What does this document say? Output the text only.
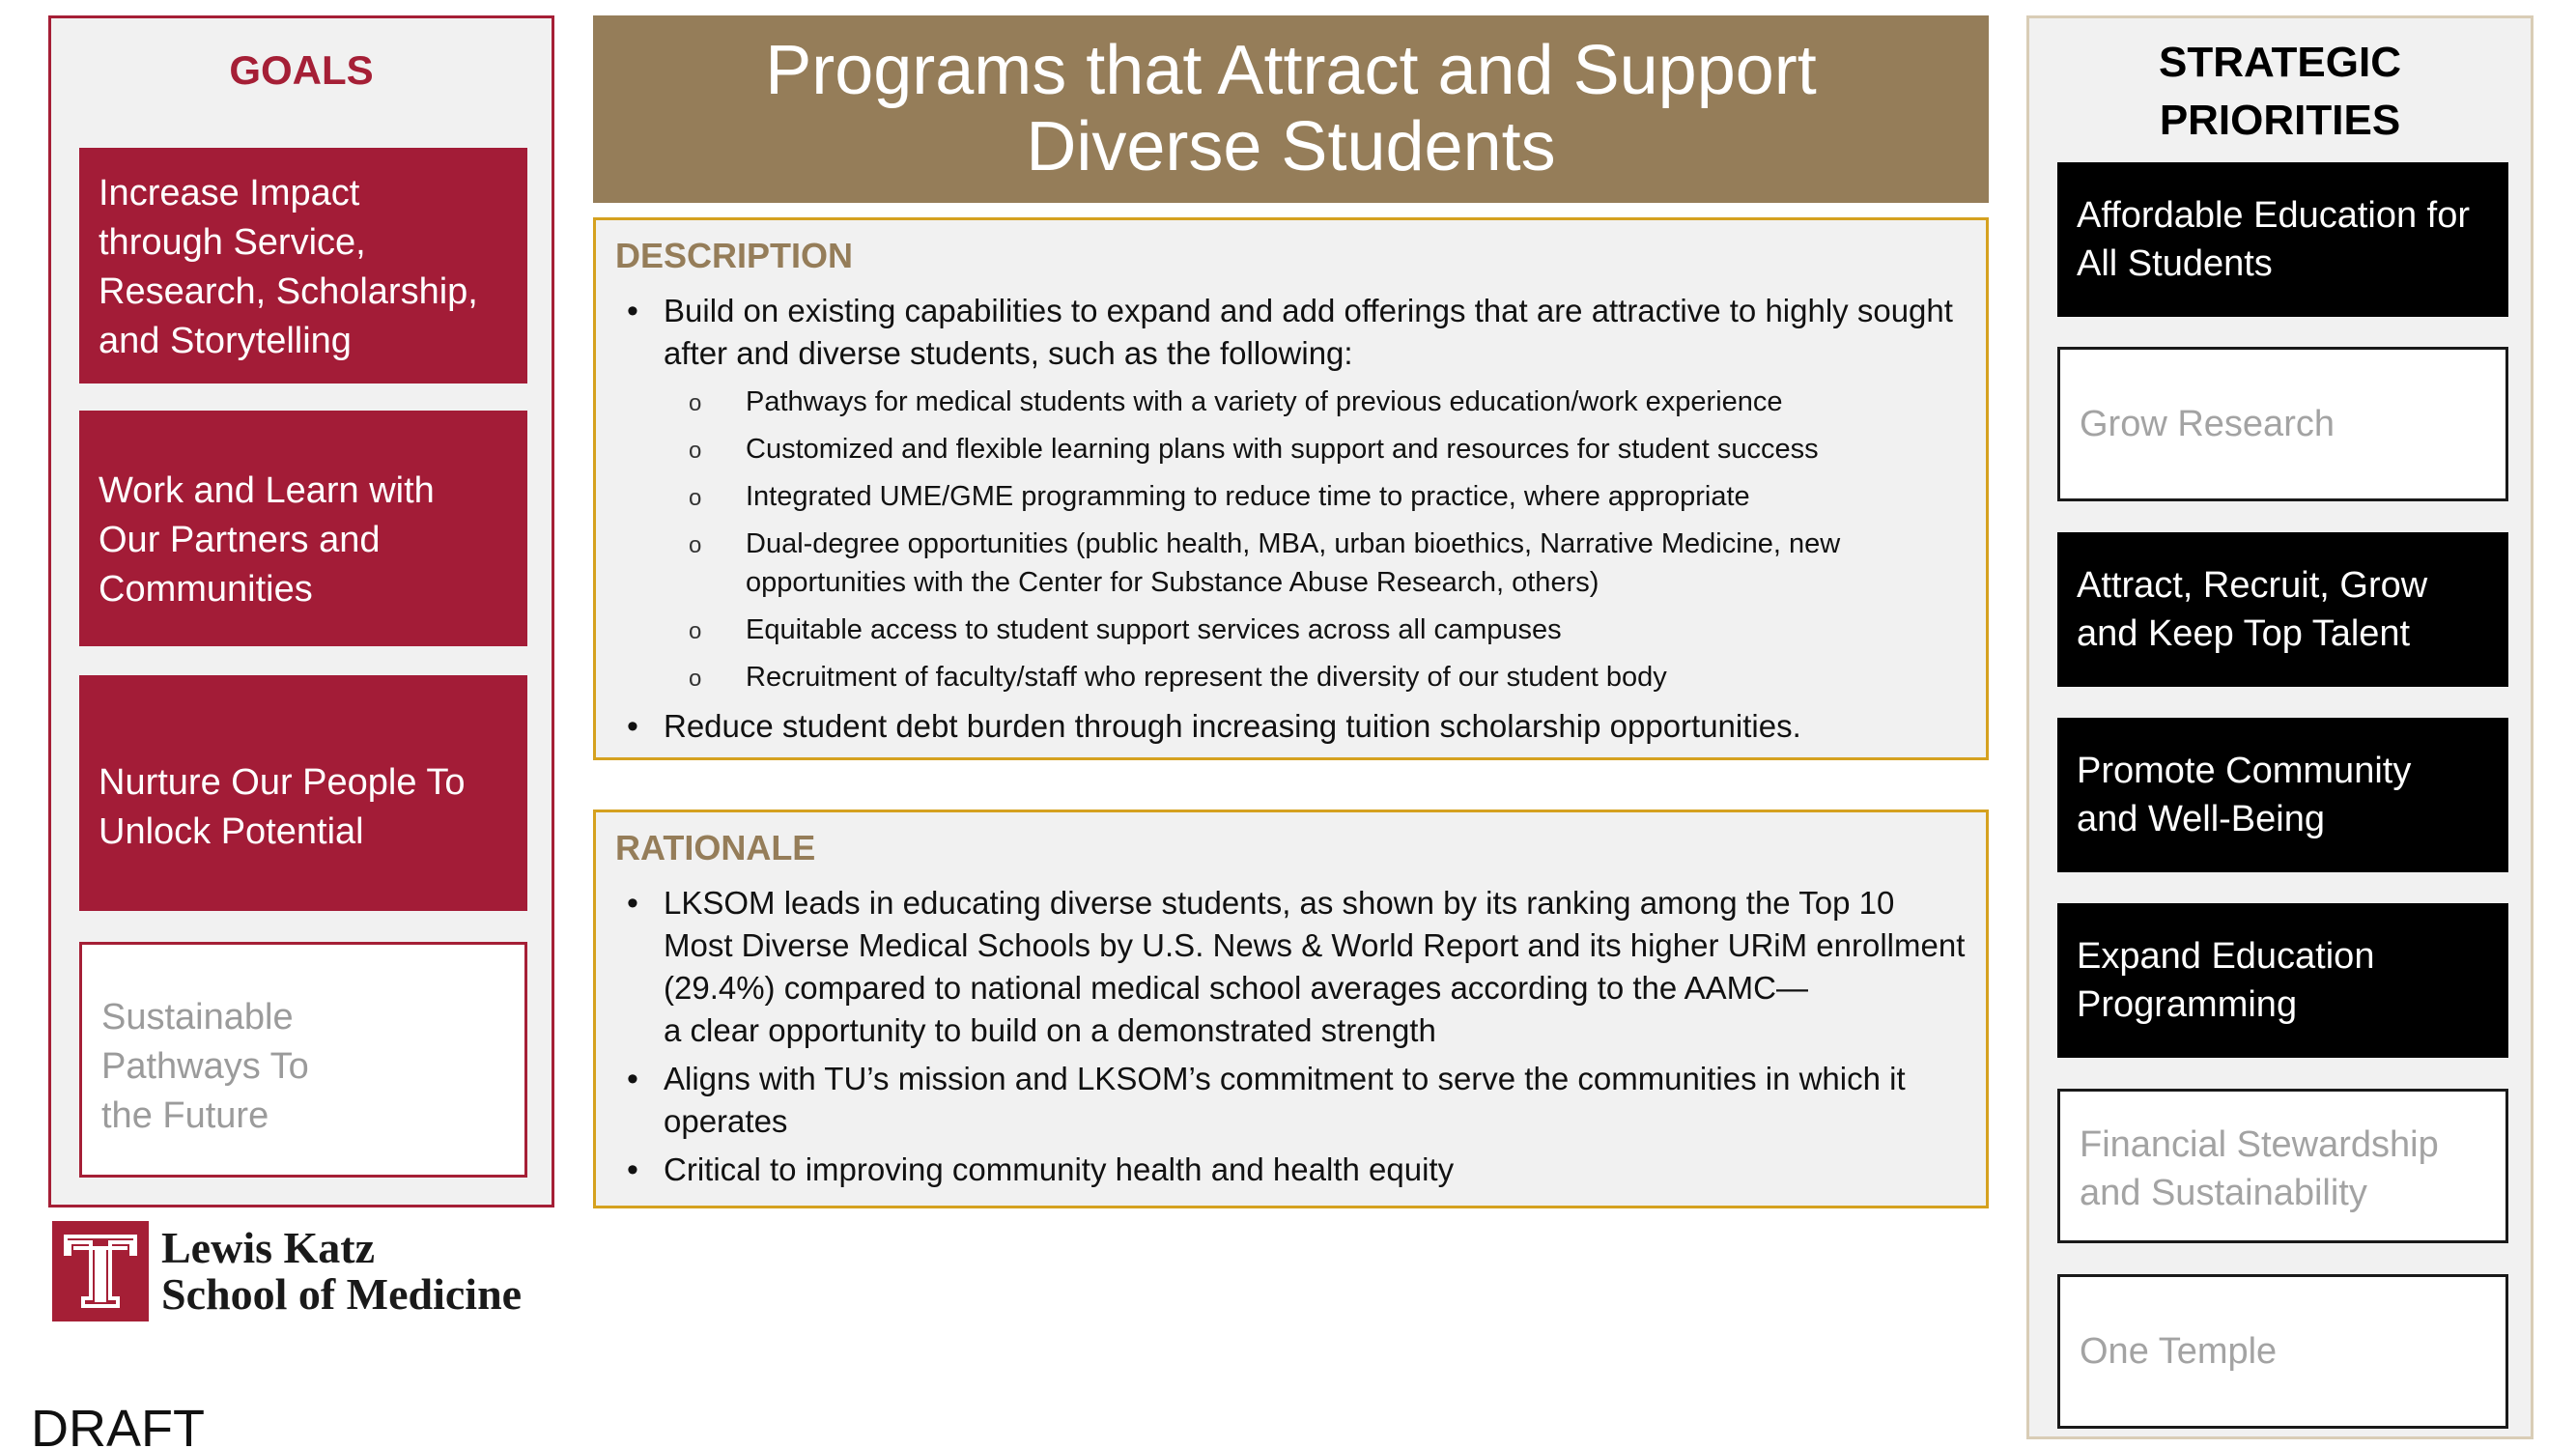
GOALS
Increase Impact
through Service,
Research, Scholarship,
and Storytelling
Work and Learn with
Our Partners and
Communities
Nurture Our People To
Unlock Potential
Sustainable
Pathways To
the Future
Lewis Katz
School of Medicine
DRAFT
Programs that Attract and Support
Diverse Students
DESCRIPTION
• Build on existing capabilities to expand and add offerings that are attractive to highly sought after and diverse students, such as the following:
o Pathways for medical students with a variety of previous education/work experience
o Customized and flexible learning plans with support and resources for student success
o Integrated UME/GME programming to reduce time to practice, where appropriate
o Dual-degree opportunities (public health, MBA, urban bioethics, Narrative Medicine, new opportunities with the Center for Substance Abuse Research, others)
o Equitable access to student support services across all campuses
o Recruitment of faculty/staff who represent the diversity of our student body
• Reduce student debt burden through increasing tuition scholarship opportunities.
RATIONALE
• LKSOM leads in educating diverse students, as shown by its ranking among the Top 10 Most Diverse Medical Schools by U.S. News & World Report and its higher URiM enrollment (29.4%) compared to national medical school averages according to the AAMC—
a clear opportunity to build on a demonstrated strength
• Aligns with TU’s mission and LKSOM’s commitment to serve the communities in which it operates
• Critical to improving community health and health equity
STRATEGIC
PRIORITIES
Affordable Education for
All Students
Grow Research
Attract, Recruit, Grow
and Keep Top Talent
Promote Community
and Well-Being
Expand Education
Programming
Financial Stewardship
and Sustainability
One Temple
